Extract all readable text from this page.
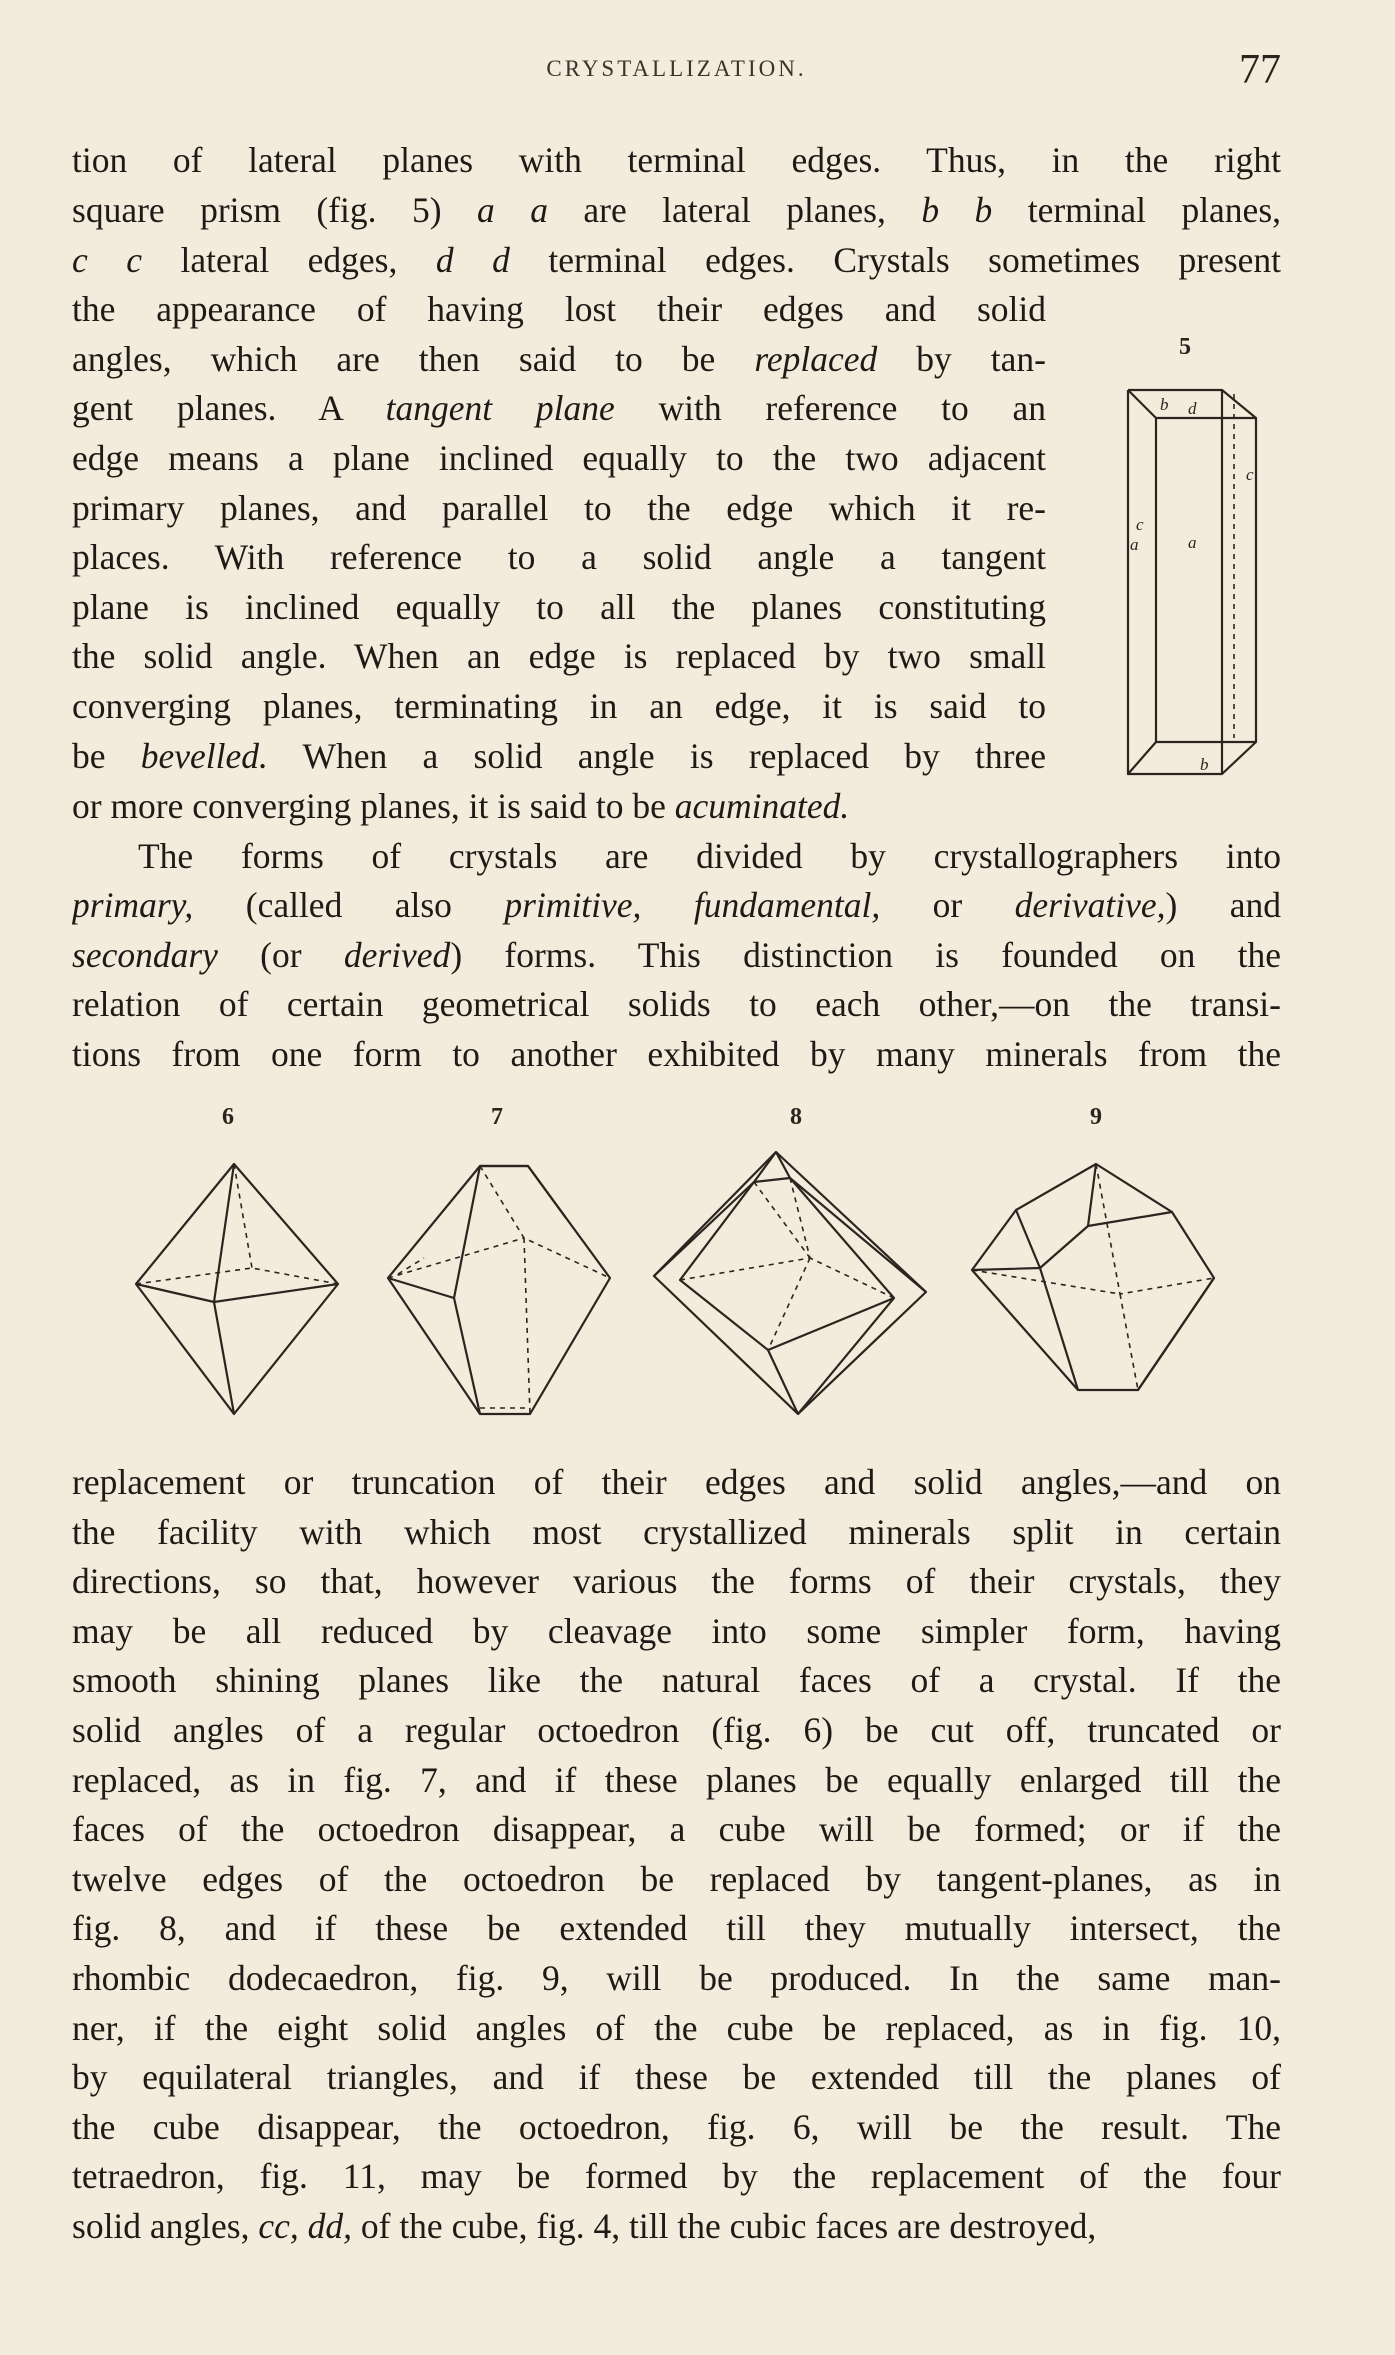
CRYSTALLIZATION.	77
tion of lateral planes with terminal edges. Thus, in the right
square prism (fig. 5) a a are lateral planes, b b terminal planes,
c c lateral edges, d d terminal edges. Crystals sometimes present
the appearance of having lost their edges and solid
angles, which are then said to be replaced by tan-
gent planes. A tangent plane with reference to an
edge means a plane inclined equally to the two adjacent
primary planes, and parallel to the edge which it re-
places. With reference to a solid angle a tangent
plane is inclined equally to all the planes constituting
the solid angle. When an edge is replaced by two small
converging planes, terminating in an edge, it is said to
be bevelled. When a solid angle is replaced by three
or more converging planes, it is said to be acuminated.
The forms of crystals are divided by crystallographers into
primary, (called also primitive, fundamental, or derivative,) and
secondary (or derived) forms. This distinction is founded on the
relation of certain geometrical solids to each other,—on the transi-
tions from one form to another exhibited by many minerals from the
replacement or truncation of their edges and solid angles,—and on
the facility with which most crystallized minerals split in certain
directions, so that, however various the forms of their crystals, they
may be all reduced by cleavage into some simpler form, having
smooth shining planes like the natural faces of a crystal. If the
solid angles of a regular octoedron (fig. 6) be cut off, truncated or
replaced, as in fig. 7, and if these planes be equally enlarged till the
faces of the octoedron disappear, a cube will be formed; or if the
twelve edges of the octoedron be replaced by tangent-planes, as in
fig. 8, and if these be extended till they mutually intersect, the
rhombic dodecaedron, fig. 9, will be produced. In the same man-
ner, if the eight solid angles of the cube be replaced, as in fig. 10,
by equilateral triangles, and if these be extended till the planes of
the cube disappear, the octoedron, fig. 6, will be the result. The
tetraedron, fig. 11, may be formed by the replacement of the four
solid angles, cc, dd, of the cube, fig. 4, till the cubic faces are destroyed,
5
b d
c
a	a
c
b
6	7	8	9
